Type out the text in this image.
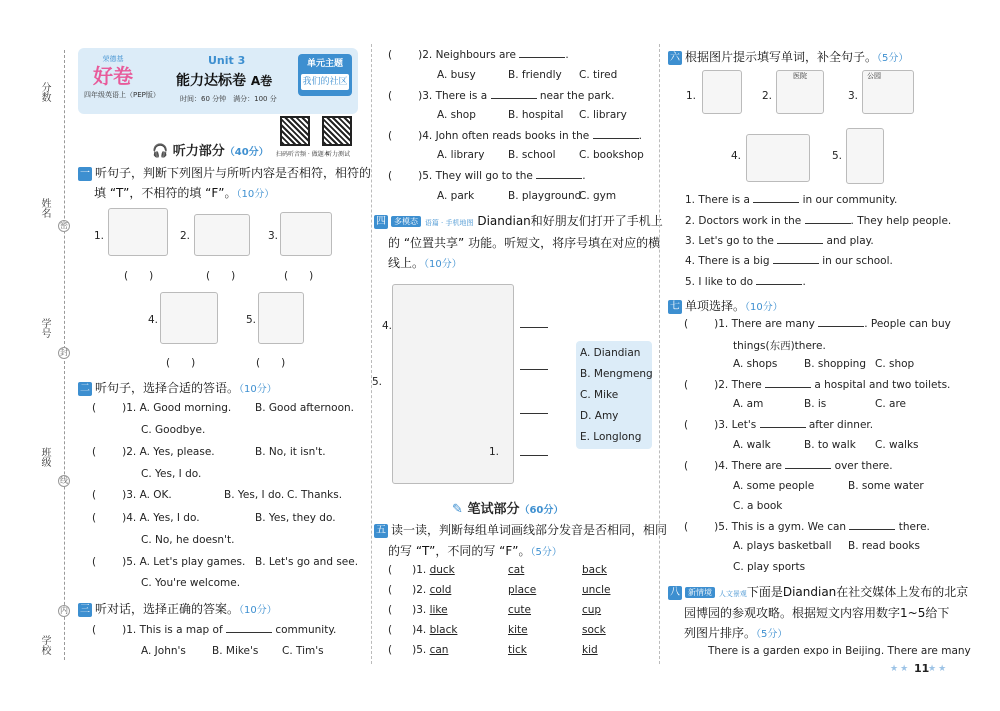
分数
姓名
学号
班级
学校
密
封
线
内
荣德基
好卷
四年级英语上（PEP版）
Unit 3
能力达标卷 A卷
时间：60 分钟　满分：100 分
单元主题
我们的社区
扫码听音频 · 做题本
听力测试
🎧 听力部分（40分）
一 听句子，判断下列图片与所听内容是否相符，相符的
填 “T”，不相符的填 “F”。（10分）
1.	2.	3.
(　　)	(　　)	(　　)
4.	5.
(　　)	(　　)
二 听句子，选择合适的答语。（10分）
( )1. A. Good morning. B. Good afternoon.
C. Goodbye.
( )2. A. Yes, please.	B. No, it isn't.
C. Yes, I do.
( )3. A. OK.	B. Yes, I do. C. Thanks.
( )4. A. Yes, I do.	B. Yes, they do.
C. No, he doesn't.
( )5. A. Let's play games. B. Let's go and see.
C. You're welcome.
三 听对话，选择正确的答案。（10分）
( )1. This is a map of	community.
A. John's B. Mike's C. Tim's
( )2. Neighbours are	.
A. busy	B. friendly C. tired
( )3. There is a	near the park.
A. shop	B. hospital C. library
( )4. John often reads books in the	.
A. library B. school C. bookshop
( )5. They will go to the	.
A. park	B. playground
C. gym
四 多模态 语篇 · 手机地图 Diandian和好朋友们打开了手机上
的 “位置共享” 功能。听短文，将序号填在对应的横
线上。（10分）
1.
4.
5.
A. Diandian
B. Mengmeng
C. Mike
D. Amy
E. Longlong
✎ 笔试部分（60分）
五 读一读，判断每组单词画线部分发音是否相同，相同
的写 “T”，不同的写 “F”。（5分）
( )1. duck	cat	back
( )2. cold	place	uncle
( )3. like	cute	cup
( )4. black	kite	sock
( )5. can	tick	kid
六 根据图片提示填写单词，补全句子。（5分）
1.	2.
医院
3.
公园
4.	5.
1. There is a	in our community.
2. Doctors work in the	. They help people.
3. Let's go to the	and play.
4. There is a big	in our school.
5. I like to do	.
七 单项选择。（10分）
( )1. There are many	. People can buy
things(东西)there.
A. shops	B. shopping C. shop
( )2. There	a hospital and two toilets.
A. am	B. is	C. are
( )3. Let's	after dinner.
A. walk	B. to walk C. walks
( )4. There are	over there.
A. some people	B. some water
C. a book
( )5. This is a gym. We can	there.
A. plays basketball B. read books
C. play sports
八 新情境 人文景观下面是Diandian在社交媒体上发布的北京
园博园的参观攻略。根据短文内容用数字1~5给下
列图片排序。（5分）
There is a garden expo in Beijing. There are many
★★ 11
★★
